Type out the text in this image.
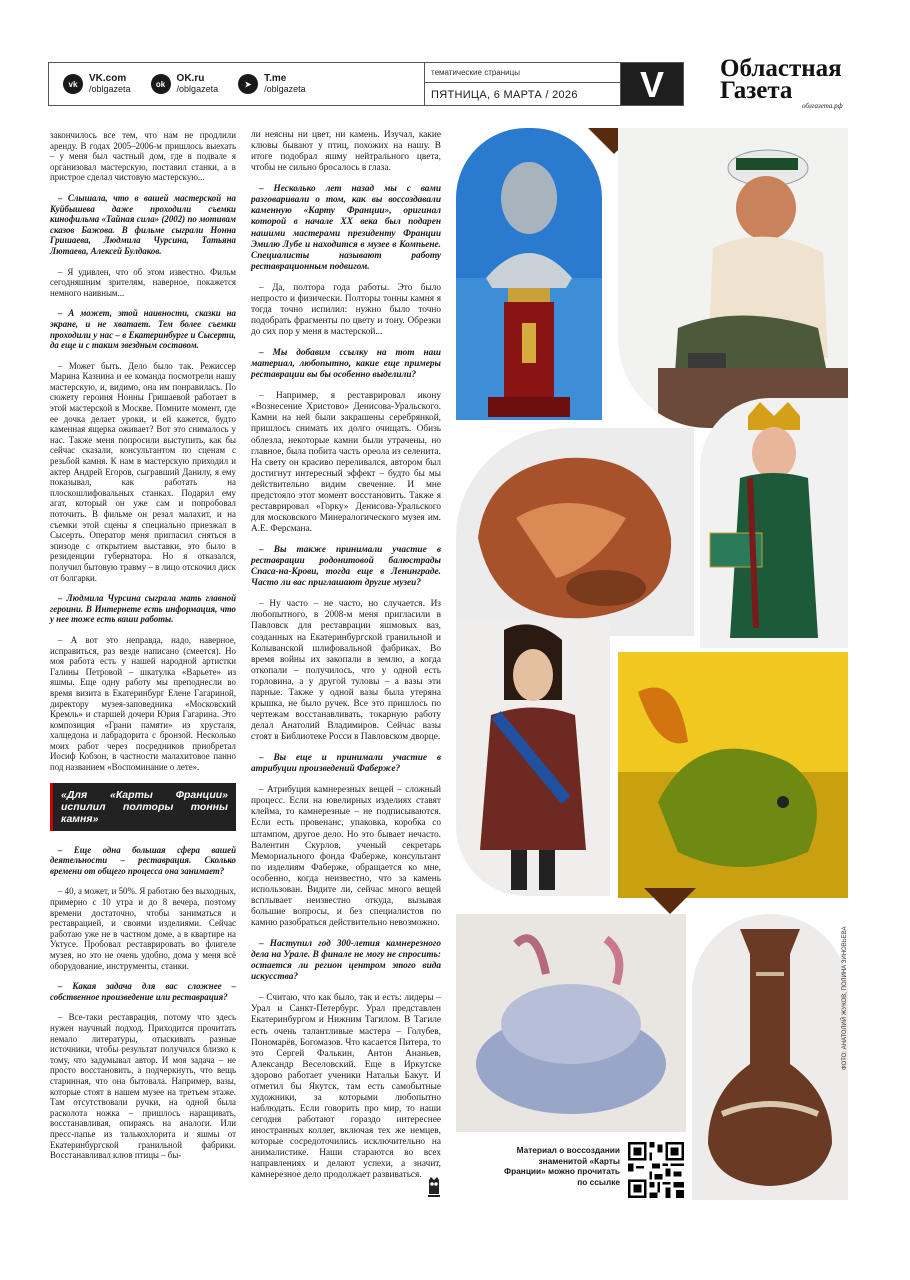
vk	VK.com
/oblgazeta	ok	OK.ru
/oblgazeta	➤	T.me
/oblgazeta
тематические страницы
ПЯТНИЦА, 6 МАРТА / 2026	V	Областная
Газета
облгазета.рф

закончилось все тем, что нам не продлили аренду. В годах 2005–2006-м пришлось выехать – у меня был частный дом, где в подвале я организовал мастерскую, поставил станки, а в пристрое сделал чистовую мастерскую...

– Слышала, что в вашей мастерской на Куйбышева даже проходили съемки кинофильма «Тайная сила» (2002) по мотивам сказов Бажова. В фильме сыграли Нонна Гришаева, Людмила Чурсина, Татьяна Лютаева, Алексей Булдаков.

– Я удивлен, что об этом известно. Фильм сегодняшним зрителям, наверное, покажется немного наивным...

– А может, этой наивности, сказки на экране, и не хватает. Тем более съемки проходили у нас – в Екатеринбурге и Сысерти, да еще и с таким звездным составом.

– Может быть. Дело было так. Режиссер Марина Казнина и ее команда посмотрели нашу мастерскую, и, видимо, она им понравилась. По сюжету героиня Нонны Гришаевой работает в этой мастерской в Москве. Помните момент, где ее дочка делает уроки, и ей кажется, будто каменная ящерка оживает? Вот это снималось у нас. Также меня попросили выступить, как бы сейчас сказали, консультантом по сценам с резьбой камня. К нам в мастерскую приходил и актер Андрей Егоров, сыгравший Данилу, я ему показывал, как работать на плоскошлифовальных станках. Подарил ему агат, который он уже сам и попробовал поточить. В фильме он резал малахит, и на съемки этой сцены я специально приезжал в Сысерть. Оператор меня пригласил сняться в эпизоде с открытием выставки, это было в резиденции губернатора. Но я отказался, получил бытовую травму – в лицо отскочил диск от болгарки.

– Людмила Чурсина сыграла мать главной героини. В Интернете есть информация, что у нее тоже есть ваши работы.

– А вот это неправда, надо, наверное, исправиться, раз везде написано (смеется). Но моя работа есть у нашей народной артистки Галины Петровой – шкатулка «Варьете» из яшмы. Еще одну работу мы преподнесли во время визита в Екатеринбург Елене Гагариной, директору музея-заповедника «Московский Кремль» и старшей дочери Юрия Гагарина. Это композиция «Грани памяти» из хрусталя, халцедона и лабрадорита с бронзой. Несколько моих работ через посредников приобретал Иосиф Кобзон, в частности малахитовое панно под названием «Воспоминание о лете».

«Для «Карты Франции» испилил полторы тонны камня»

– Еще одна большая сфера вашей деятельности – реставрация. Сколько времени от общего процесса она занимает?

– 40, а может, и 50%. Я работаю без выходных, примерно с 10 утра и до 8 вечера, поэтому времени достаточно, чтобы заниматься и реставрацией, и своими изделиями. Сейчас работаю уже не в частном доме, а в квартире на Уктусе. Пробовал реставрировать во флигеле музея, но это не очень удобно, дома у меня всё оборудование, инструменты, станки.

– Какая задача для вас сложнее – собственное произведение или реставрация?

– Все-таки реставрация, потому что здесь нужен научный подход. Приходится прочитать немало литературы, отыскивать разные источники, чтобы результат получился близко к тому, что задумывал автор. И моя задача – не просто восстановить, а подчеркнуть, что вещь старинная, что она бытовала. Например, вазы, которые стоят в нашем музее на третьем этаже. Там отсутствовали ручки, на одной была расколота ножка – пришлось наращивать, восстанавливая, опираясь на аналоги. Или пресс-папье из талькохлорита и яшмы от Екатеринбургской гранильной фабрики. Восстанавливал клюв птицы – бы-

ли неясны ни цвет, ни камень. Изучал, какие клювы бывают у птиц, похожих на нашу. В итоге подобрал яшму нейтрального цвета, чтобы не сильно бросалось в глаза.

– Несколько лет назад мы с вами разговаривали о том, как вы воссоздавали каменную «Карту Франции», оригинал которой в начале XX века был подарен нашими мастерами президенту Франции Эмилю Лубе и находится в музее в Компьене. Специалисты называют работу реставрационным подвигом.

– Да, полтора года работы. Это было непросто и физически. Полторы тонны камня я тогда точно испилил: нужно было точно подобрать фрагменты по цвету и тону. Обрезки до сих пор у меня в мастерской...

– Мы добавим ссылку на тот наш материал, любопытно, какие еще примеры реставрации вы бы особенно выделили?

– Например, я реставрировал икону «Вознесение Христово» Денисова-Уральского. Камни на ней были закрашены серебрянкой, пришлось снимать их долго очищать. Обизь облезла, некоторые камни были утрачены, но главное, была побита часть ореола из селенита. На свету он красиво переливался, автором был достигнут интересный эффект – будто бы мы действительно видим свечение. И мне предстояло этот момент восстановить. Также я реставрировал «Горку» Денисова-Уральского для московского Минералогического музея им. А.Е. Ферсмана.

– Вы также принимали участие в реставрации родонитовой балюстрады Спаса-на-Крови, тогда еще в Ленинграде. Часто ли вас приглашают другие музеи?

– Ну часто – не часто, но случается. Из любопытного, в 2008-м меня пригласили в Павловск для реставрации яшмовых ваз, созданных на Екатеринбургской гранильной и Колыванской шлифовальной фабриках. Во время войны их закопали в землю, а когда откопали – получилось, что у одной есть горловина, а у другой туловы – а вазы эти парные. Также у одной вазы была утеряна крышка, не было ручек. Все это пришлось по чертежам восстанавливать, токарную работу делал Анатолий Владимиров. Сейчас вазы стоят в Библиотеке Росси в Павловском дворце.

– Вы еще и принимали участие в атрибуции произведений Фаберже?

– Атрибуция камнерезных вещей – сложный процесс. Если на ювелирных изделиях ставят клейма, то камнерезные – не подписываются. Если есть провенанс, упаковка, коробка со штампом, другое дело. Но это бывает нечасто. Валентин Скурлов, ученый секретарь Мемориального фонда Фаберже, консультант по изделиям Фаберже, обращается ко мне, особенно, когда неизвестно, что за камень использован. Видите ли, сейчас много вещей всплывает неизвестно откуда, вызывая большие вопросы, и без специалистов по камню разобраться действительно невозможно.

– Наступил год 300-летия камнерезного дела на Урале. В финале не могу не спросить: остается ли регион центром этого вида искусства?

– Считаю, что как было, так и есть: лидеры – Урал и Санкт-Петербург. Урал представлен Екатеринбургом и Нижним Тагилом. В Тагиле есть очень талантливые мастера – Голубев, Пономарёв, Богомазов. Что касается Питера, то это Сергей Фалькин, Антон Ананьев, Александр Веселовский. Еще в Иркутске здорово работает ученики Натальи Бакут. И отметил бы Якутск, там есть самобытные художники, за которыми любопытно наблюдать. Если говорить про мир, то наши сегодня работают гораздо интереснее иностранных коллег, включая тех же немцев, которые сосредоточились исключительно на анималистике. Наши стараются во всех направлениях и делают успехи, а значит, камнерезное дело продолжает развиваться.

ФОТО: АНАТОЛИЙ ЖУКОВ, ПОЛИНА ЗИНОВЬЕВА
Материал о воссоздании знаменитой «Карты Франции» можно прочитать по ссылке
